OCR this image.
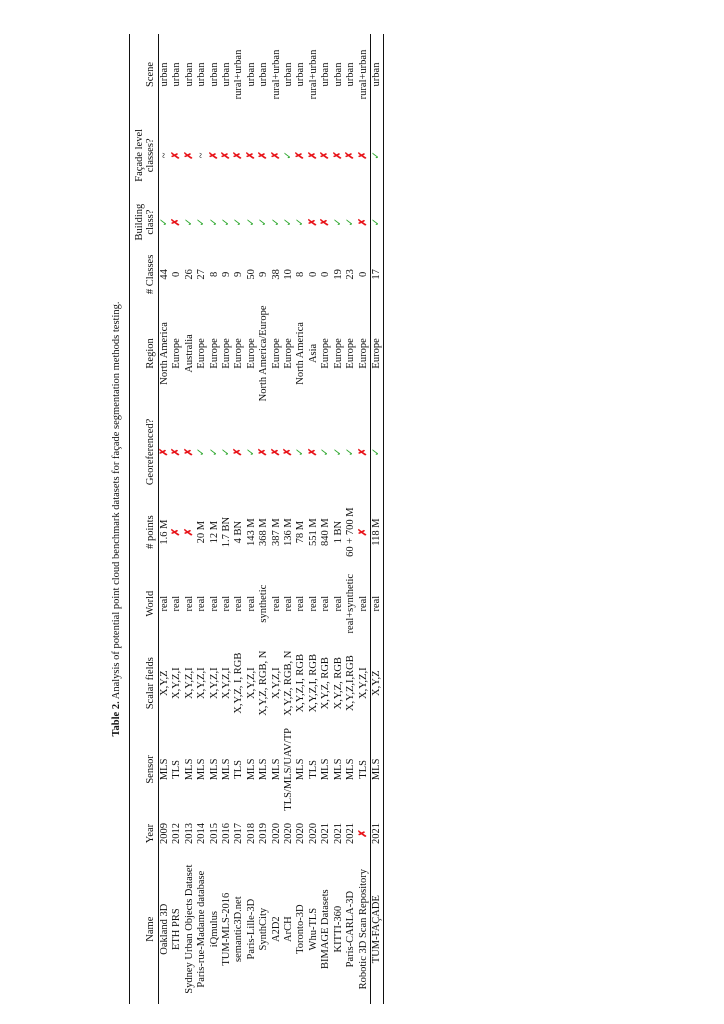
Table 2. Analysis of potential point cloud benchmark datasets for façade segmentation methods testing.
Name	Year	Sensor	Scalar fields	World	# points	Georeferenced?	Region	# Classes	Building class?	Façade level classes?	Scene
Oakland 3D	2009	MLS	X,Y,Z	real	1.6 M	✗	North America	44	✓	~	urban
ETH PRS	2012	TLS	X,Y,Z,I	real	✗	✗	Europe	0	✗	✗	urban
Sydney Urban Objects Dataset	2013	MLS	X,Y,Z,I	real	✗	✗	Australia	26	✓	✗	urban
Paris-rue-Madame database	2014	MLS	X,Y,Z,I	real	20 M	✓	Europe	27	✓	~	urban
iQmulus	2015	MLS	X,Y,Z,I	real	12 M	✓	Europe	8	✓	✗	urban
TUM-MLS-2016	2016	MLS	X,Y,Z,I	real	1.7 BN	✓	Europe	9	✓	✗	urban
semantic3D.net	2017	TLS	X,Y,Z, I, RGB	real	4 BN	✗	Europe	9	✓	✗	rural+urban
Paris-Lille-3D	2018	MLS	X,Y,Z,I	real	143 M	✓	Europe	50	✓	✗	urban
SynthCity	2019	MLS	X,Y,Z, RGB, N	synthetic	368 M	✗	North America/Europe	9	✓	✗	urban
A2D2	2020	MLS	X,Y,Z,I	real	387 M	✗	Europe	38	✓	✗	rural+urban
ArCH	2020	TLS/MLS/UAV/TP	X,Y,Z, RGB, N	real	136 M	✗	Europe	10	✓	✓	urban
Toronto-3D	2020	MLS	X,Y,Z,I, RGB	real	78 M	✓	North America	8	✓	✗	urban
Whu-TLS	2020	TLS	X,Y,Z,I, RGB	real	551 M	✗	Asia	0	✗	✗	rural+urban
BIMAGE Datasets	2021	MLS	X,Y,Z, RGB	real	840 M	✓	Europe	0	✗	✗	urban
KITTI-360	2021	MLS	X,Y,Z, RGB	real	1 BN	✓	Europe	19	✓	✗	urban
Paris-CARLA-3D	2021	MLS	X,Y,Z,I,RGB	real+synthetic	60 + 700 M	✓	Europe	23	✓	✗	urban
Robotic 3D Scan Repository	✗	TLS	X,Y,Z,I	real	✗	✗	Europe	0	✗	✗	rural+urban
TUM-FAÇADE	2021	MLS	X,Y,Z	real	118 M	✓	Europe	17	✓	✓	urban
